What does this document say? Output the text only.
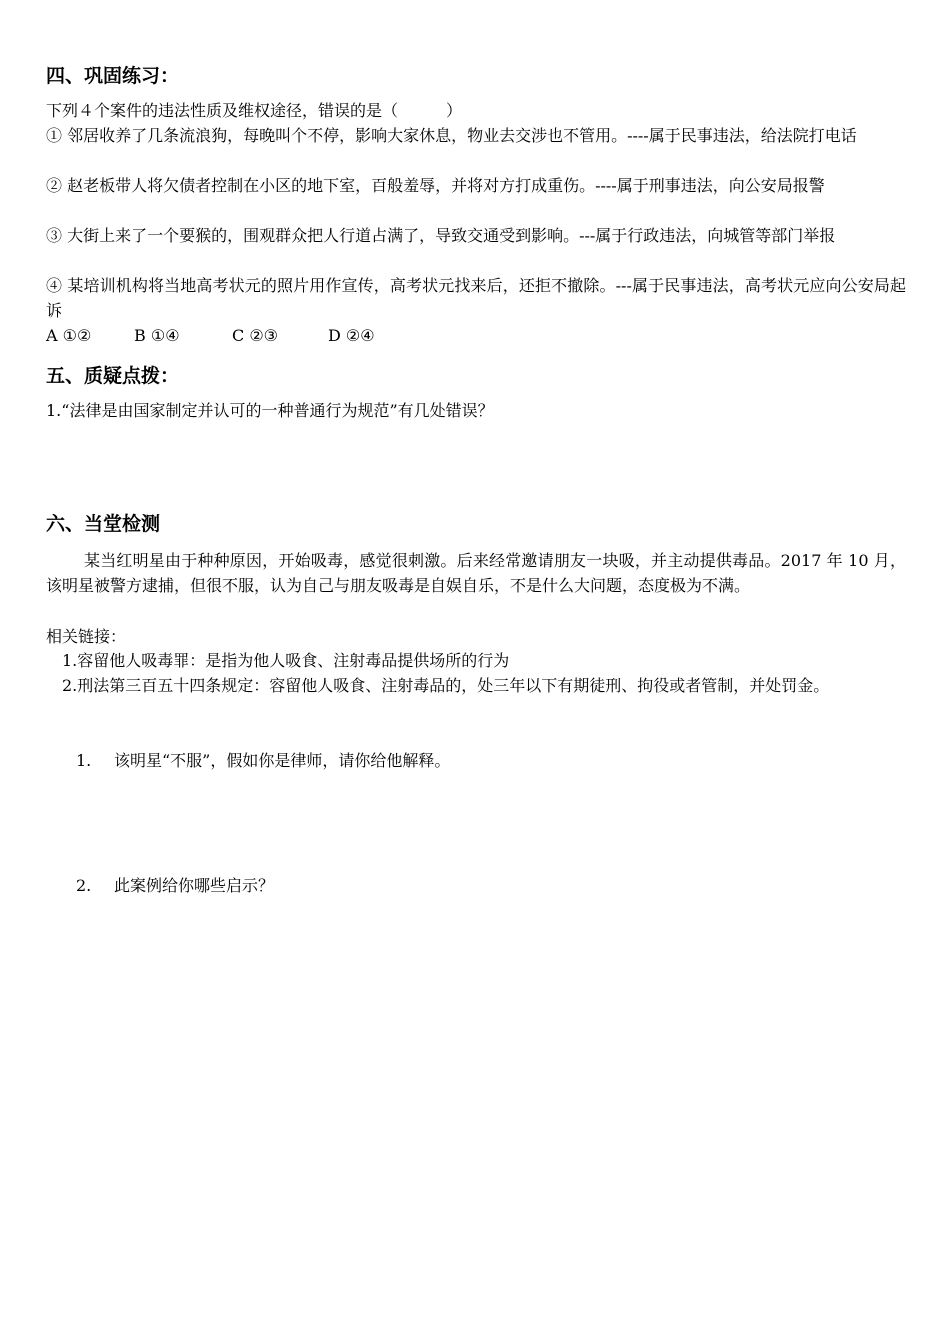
四、巩固练习：
下列４个案件的违法性质及维权途径，错误的是（　　　）
① 邻居收养了几条流浪狗，每晚叫个不停，影响大家休息，物业去交涉也不管用。----属于民事违法，给法院打电话
② 赵老板带人将欠债者控制在小区的地下室，百般羞辱，并将对方打成重伤。----属于刑事违法，向公安局报警
③ 大街上来了一个要猴的，围观群众把人行道占满了，导致交通受到影响。---属于行政违法，向城管等部门举报
④ 某培训机构将当地高考状元的照片用作宣传，高考状元找来后，还拒不撤除。---属于民事违法，高考状元应向公安局起诉
A ①②	B ①④	C ②③	D ②④
五、质疑点拨：
1.“法律是由国家制定并认可的一种普通行为规范”有几处错误？
六、当堂检测
某当红明星由于种种原因，开始吸毒，感觉很刺激。后来经常邀请朋友一块吸，并主动提供毒品。2017 年 10 月，该明星被警方逮捕，但很不服，认为自己与朋友吸毒是自娱自乐，不是什么大问题，态度极为不满。
相关链接：
1.容留他人吸毒罪：是指为他人吸食、注射毒品提供场所的行为
2.刑法第三百五十四条规定：容留他人吸食、注射毒品的，处三年以下有期徒刑、拘役或者管制，并处罚金。
1. 该明星“不服”，假如你是律师，请你给他解释。
2. 此案例给你哪些启示？
